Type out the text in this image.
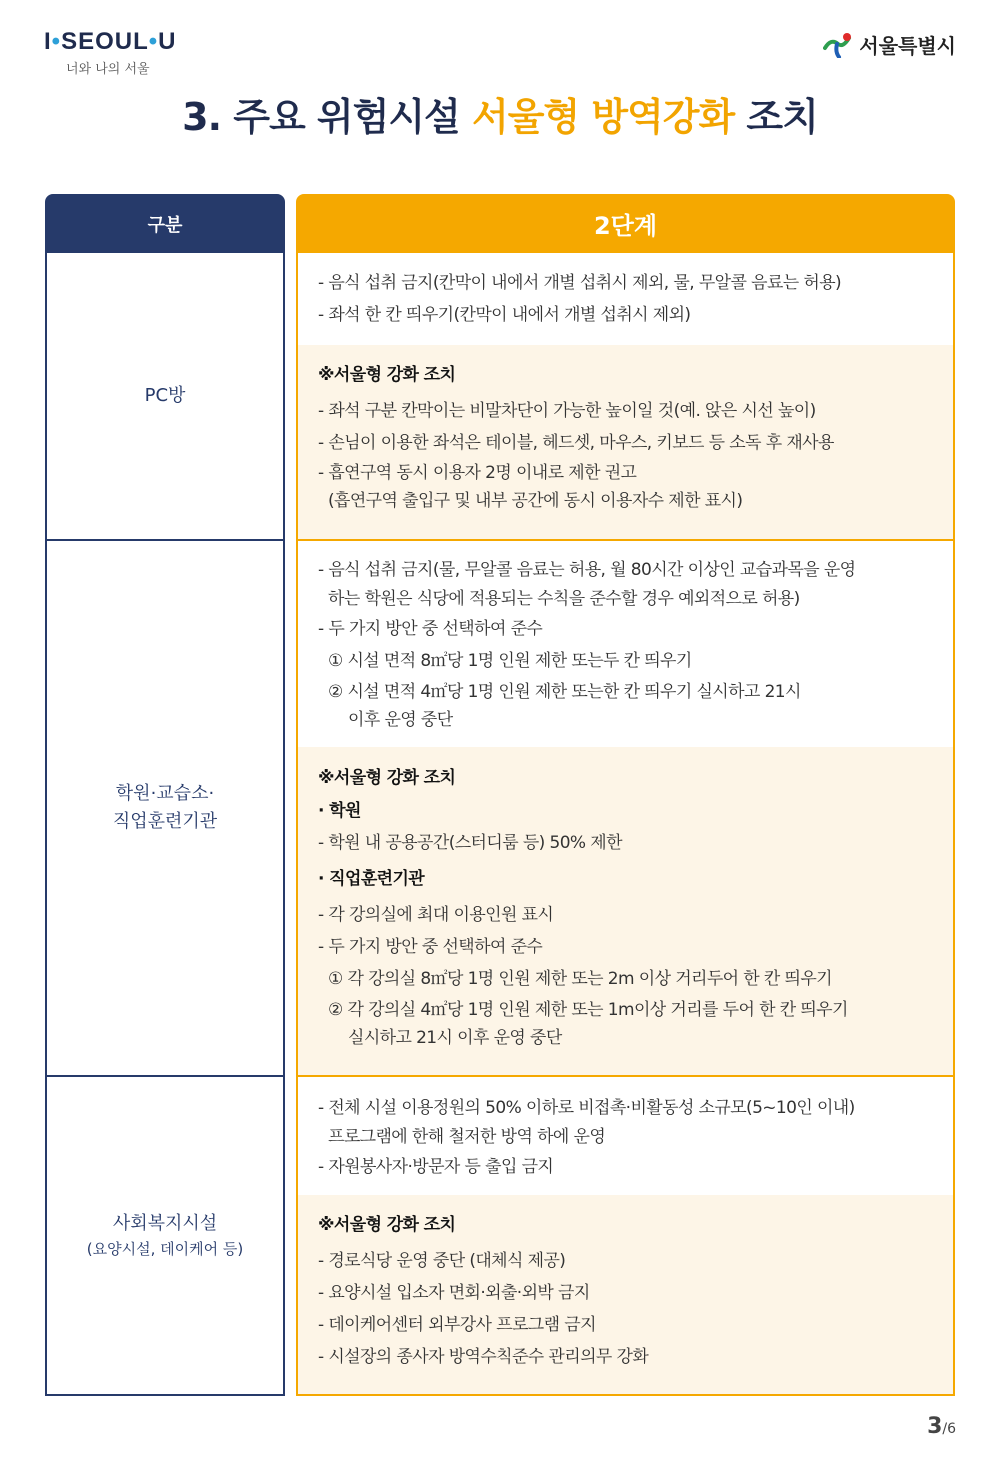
I•SEOUL•U
너와 나의 서울
서울특별시
3. 주요 위험시설 서울형 방역강화 조치
구분
PC방
학원·교습소·
직업훈련기관
사회복지시설
(요양시설, 데이케어 등)
2단계
- 음식 섭취 금지(칸막이 내에서 개별 섭취시 제외, 물, 무알콜 음료는 허용)
- 좌석 한 칸 띄우기(칸막이 내에서 개별 섭취시 제외)
※서울형 강화 조치
- 좌석 구분 칸막이는 비말차단이 가능한 높이일 것(예. 앉은 시선 높이)
- 손님이 이용한 좌석은 테이블, 헤드셋, 마우스, 키보드 등 소독 후 재사용
- 흡연구역 동시 이용자 2명 이내로 제한 권고
(흡연구역 출입구 및 내부 공간에 동시 이용자수 제한 표시)
- 음식 섭취 금지(물, 무알콜 음료는 허용, 월 80시간 이상인 교습과목을 운영
하는 학원은 식당에 적용되는 수칙을 준수할 경우 예외적으로 허용)
- 두 가지 방안 중 선택하여 준수
① 시설 면적 8㎡당 1명 인원 제한 또는두 칸 띄우기
② 시설 면적 4㎡당 1명 인원 제한 또는한 칸 띄우기 실시하고 21시
이후 운영 중단
※서울형 강화 조치
· 학원
- 학원 내 공용공간(스터디룸 등) 50% 제한
· 직업훈련기관
- 각 강의실에 최대 이용인원 표시
- 두 가지 방안 중 선택하여 준수
① 각 강의실 8㎡당 1명 인원 제한 또는 2m 이상 거리두어 한 칸 띄우기
② 각 강의실 4㎡당 1명 인원 제한 또는 1m이상 거리를 두어 한 칸 띄우기
실시하고 21시 이후 운영 중단
- 전체 시설 이용정원의 50% 이하로 비접촉·비활동성 소규모(5~10인 이내)
프로그램에 한해 철저한 방역 하에 운영
- 자원봉사자·방문자 등 출입 금지
※서울형 강화 조치
- 경로식당 운영 중단 (대체식 제공)
- 요양시설 입소자 면회·외출·외박 금지
- 데이케어센터 외부강사 프로그램 금지
- 시설장의 종사자 방역수칙준수 관리의무 강화
3/6
